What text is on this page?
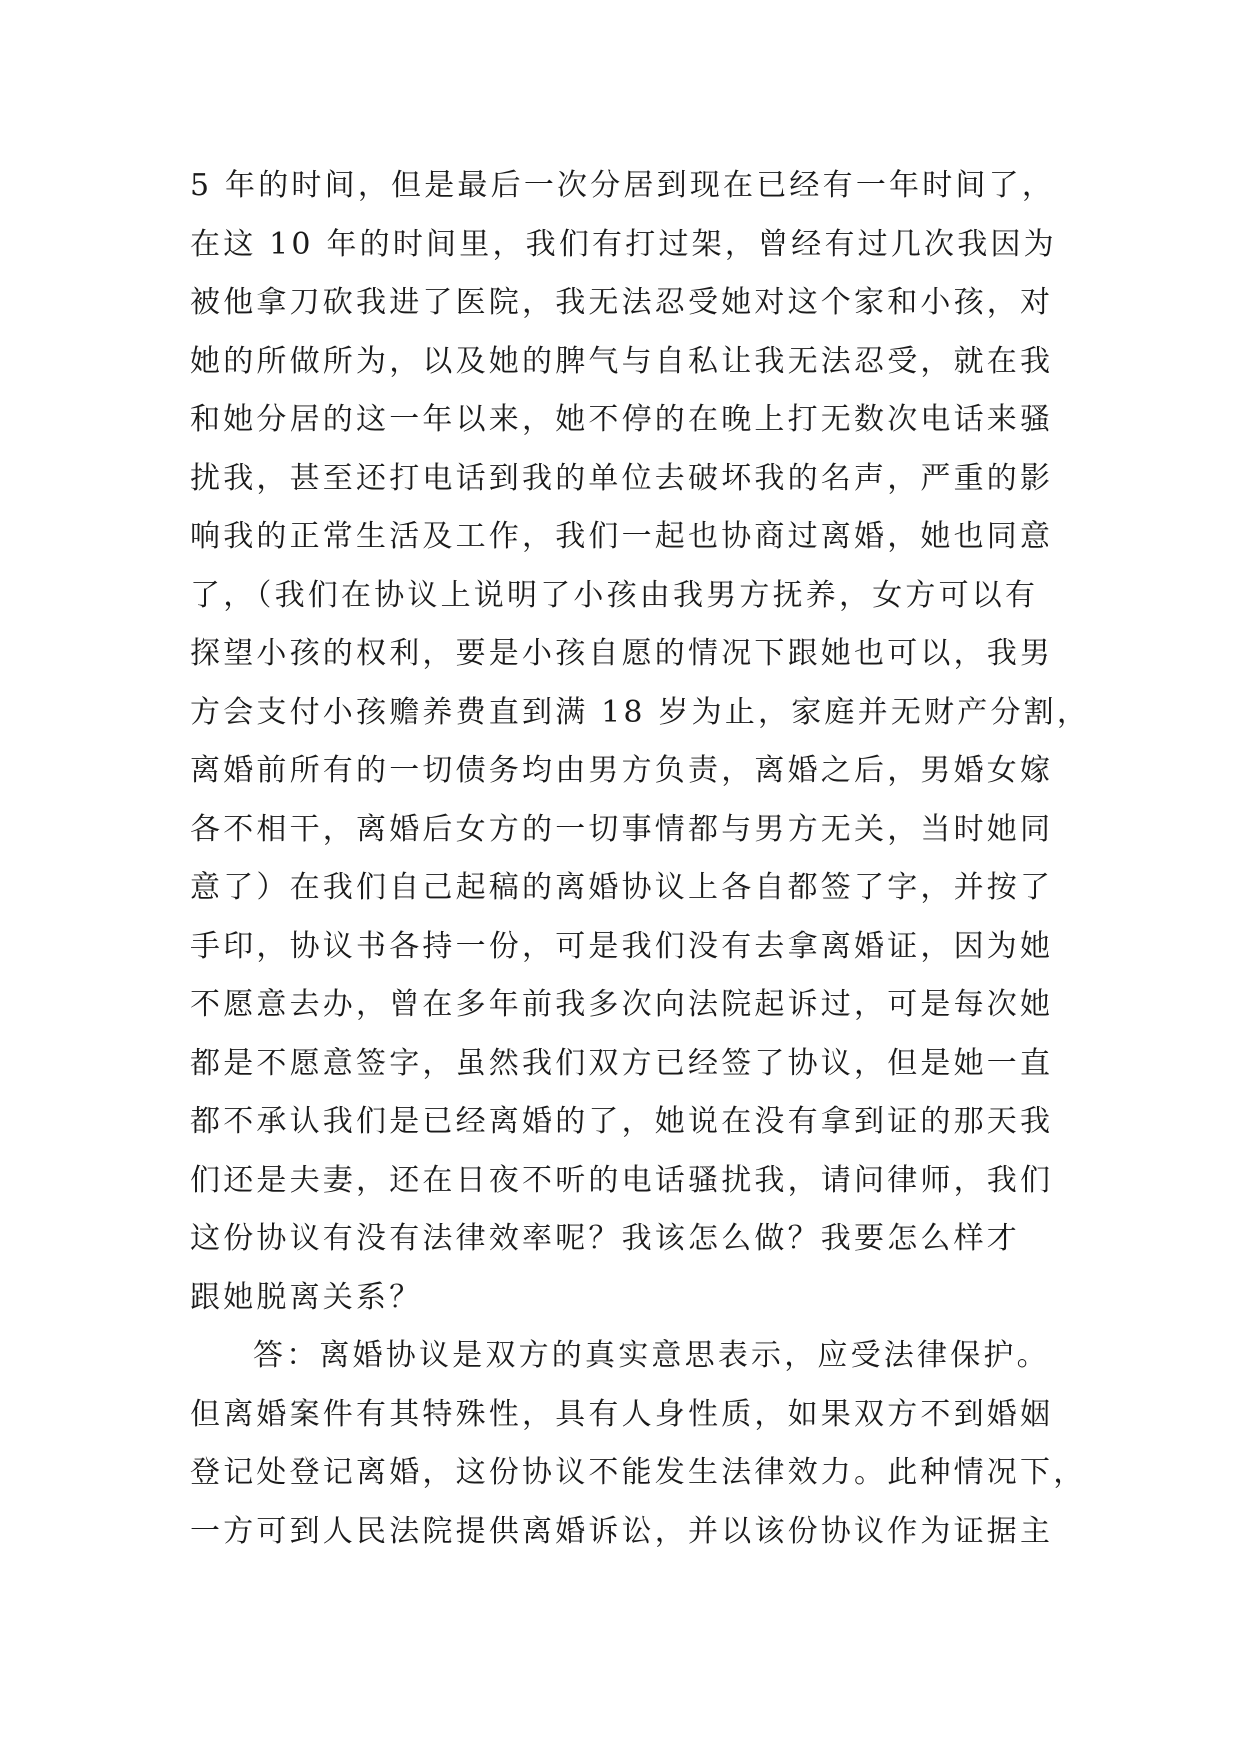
5 年的时间，但是最后一次分居到现在已经有一年时间了，
在这 10 年的时间里，我们有打过架，曾经有过几次我因为
被他拿刀砍我进了医院，我无法忍受她对这个家和小孩，对
她的所做所为，以及她的脾气与自私让我无法忍受，就在我
和她分居的这一年以来，她不停的在晚上打无数次电话来骚
扰我，甚至还打电话到我的单位去破坏我的名声，严重的影
响我的正常生活及工作，我们一起也协商过离婚，她也同意
了，（我们在协议上说明了小孩由我男方抚养，女方可以有
探望小孩的权利，要是小孩自愿的情况下跟她也可以，我男
方会支付小孩赡养费直到满 18 岁为止，家庭并无财产分割，
离婚前所有的一切债务均由男方负责，离婚之后，男婚女嫁
各不相干，离婚后女方的一切事情都与男方无关，当时她同
意了）在我们自己起稿的离婚协议上各自都签了字，并按了
手印，协议书各持一份，可是我们没有去拿离婚证，因为她
不愿意去办，曾在多年前我多次向法院起诉过，可是每次她
都是不愿意签字，虽然我们双方已经签了协议，但是她一直
都不承认我们是已经离婚的了，她说在没有拿到证的那天我
们还是夫妻，还在日夜不听的电话骚扰我，请问律师，我们
这份协议有没有法律效率呢？我该怎么做？我要怎么样才
跟她脱离关系？
答：离婚协议是双方的真实意思表示，应受法律保护。
但离婚案件有其特殊性，具有人身性质，如果双方不到婚姻
登记处登记离婚，这份协议不能发生法律效力。此种情况下，
一方可到人民法院提供离婚诉讼，并以该份协议作为证据主
